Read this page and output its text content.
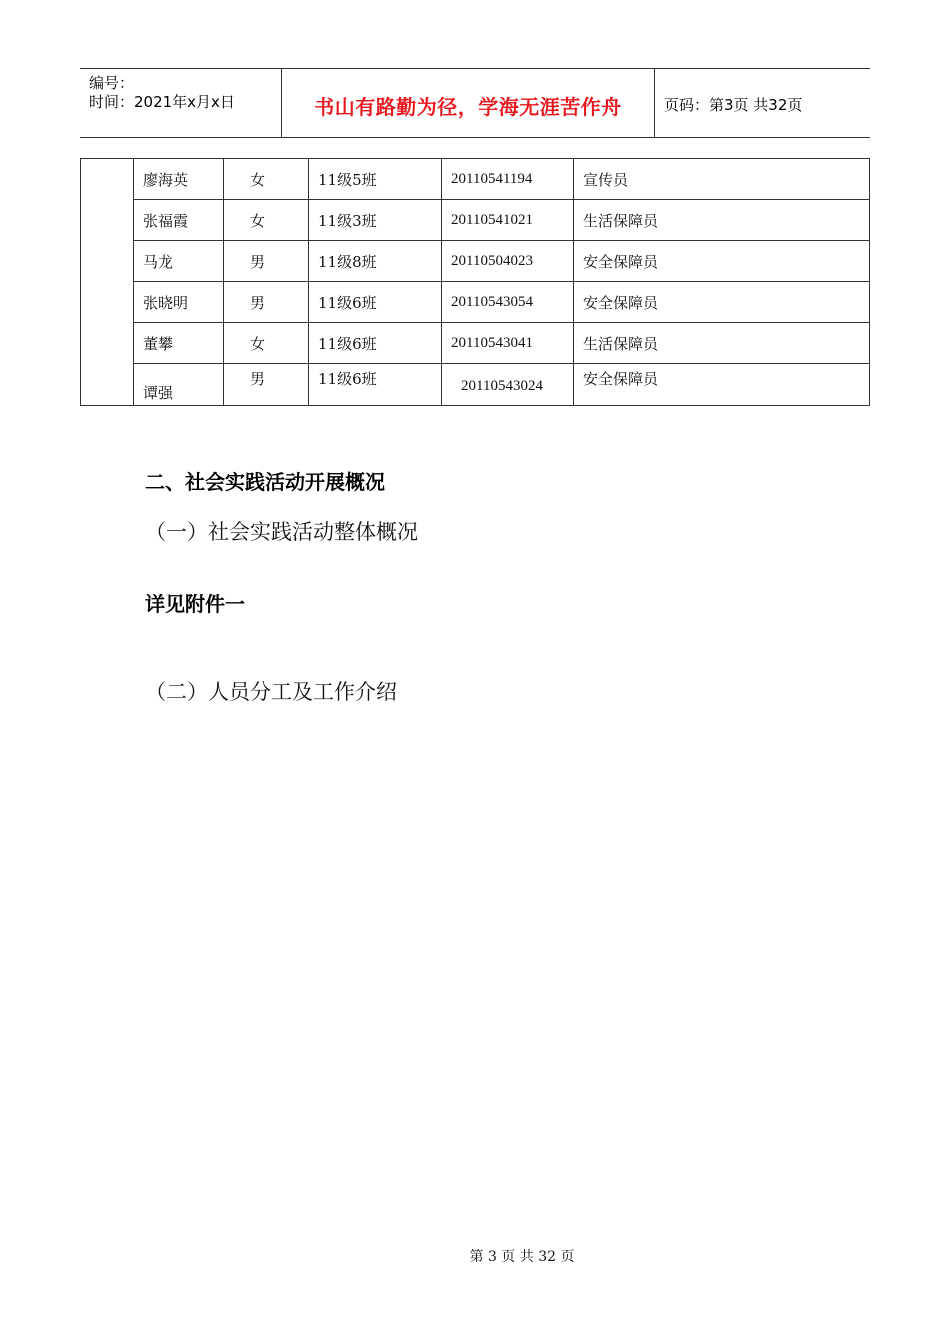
编号：
时间：2021年x月x日	书山有路勤为径，学海无涯苦作舟	页码：第3页 共32页
	廖海英	女	11级5班	20110541194	宣传员
	张福霞	女	11级3班	20110541021	生活保障员
	马龙	男	11级8班	20110504023	安全保障员
	张晓明	男	11级6班	20110543054	安全保障员
	董攀	女	11级6班	20110543041	生活保障员
	谭强	男	11级6班	20110543024	安全保障员
二、社会实践活动开展概况
（一）社会实践活动整体概况
详见附件一
（二）人员分工及工作介绍
第 3 页 共 32 页
